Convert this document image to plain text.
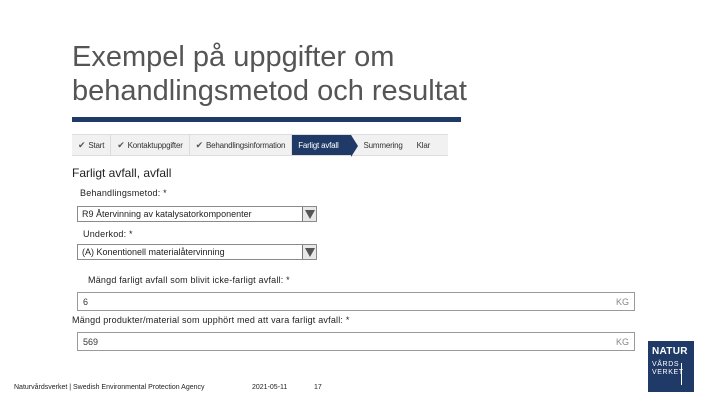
Exempel på uppgifter om
behandlingsmetod och resultat
✔ Start ✔ Kontaktuppgifter ✔ Behandlingsinformation Farligt avfall	Summering Klar
Farligt avfall, avfall
Behandlingsmetod: *
R9 Återvinning av katalysatorkomponenter
Underkod: *
(A) Konentionell materialåtervinning
Mängd farligt avfall som blivit icke-farligt avfall: *
6	KG
Mängd produkter/material som upphört med att vara farligt avfall: *
569	KG
Naturvårdsverket | Swedish Environmental Protection Agency	2021-05-11	17
NATUR
VÅRDS
VERKET
